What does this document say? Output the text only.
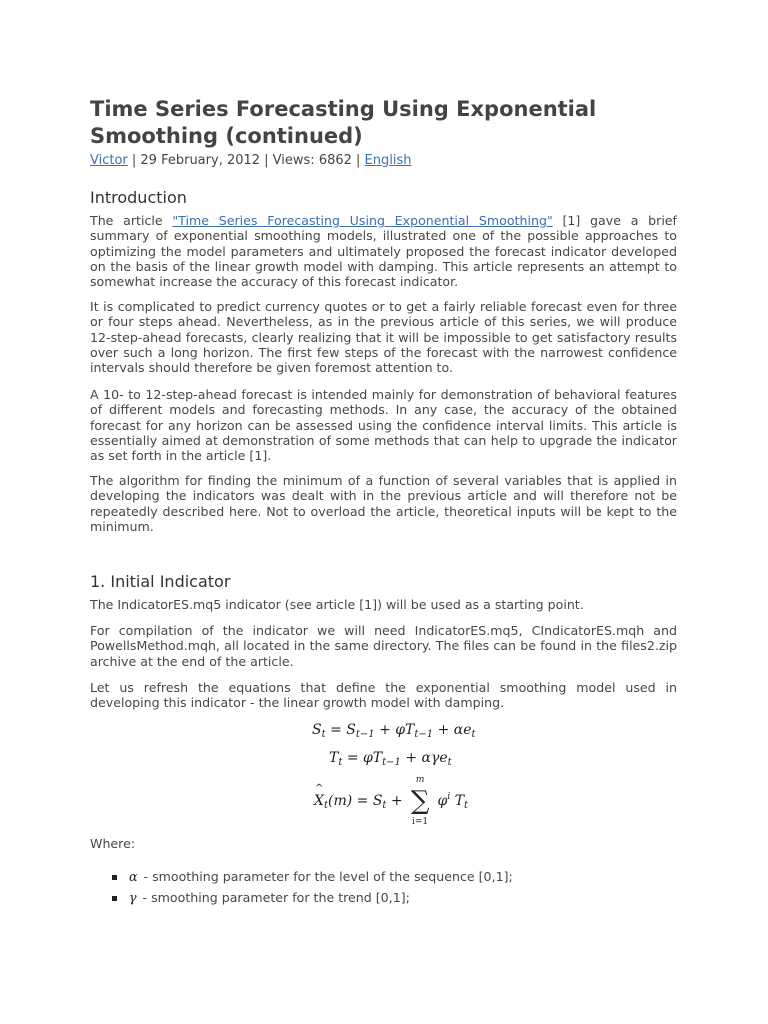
Time Series Forecasting Using Exponential Smoothing (continued)
Victor | 29 February, 2012 | Views: 6862 | English
Introduction

The article "Time Series Forecasting Using Exponential Smoothing" [1] gave a brief summary of exponential smoothing models, illustrated one of the possible approaches to optimizing the model parameters and ultimately proposed the forecast indicator developed on the basis of the linear growth model with damping. This article represents an attempt to somewhat increase the accuracy of this forecast indicator.

It is complicated to predict currency quotes or to get a fairly reliable forecast even for three or four steps ahead. Nevertheless, as in the previous article of this series, we will produce 12-step-ahead forecasts, clearly realizing that it will be impossible to get satisfactory results over such a long horizon. The first few steps of the forecast with the narrowest confidence intervals should therefore be given foremost attention to.

A 10- to 12-step-ahead forecast is intended mainly for demonstration of behavioral features of different models and forecasting methods. In any case, the accuracy of the obtained forecast for any horizon can be assessed using the confidence interval limits. This article is essentially aimed at demonstration of some methods that can help to upgrade the indicator as set forth in the article [1].

The algorithm for finding the minimum of a function of several variables that is applied in developing the indicators was dealt with in the previous article and will therefore not be repeatedly described here. Not to overload the article, theoretical inputs will be kept to the minimum.

1. Initial Indicator

The IndicatorES.mq5 indicator (see article [1]) will be used as a starting point.

For compilation of the indicator we will need IndicatorES.mq5, CIndicatorES.mqh and PowellsMethod.mqh, all located in the same directory. The files can be found in the files2.zip archive at the end of the article.

Let us refresh the equations that define the exponential smoothing model used in developing this indicator - the linear growth model with damping.

$S_t = S_{t-1} + \varphi T_{t-1} + \alpha e_t$
$T_t = \varphi T_{t-1} + \alpha\gamma e_t$
^ $X_t(m) = S_t$ +
m
∑
i=1
$\varphi^i$ $T_t$

Where:

α - smoothing parameter for the level of the sequence [0,1];
γ - smoothing parameter for the trend [0,1];
